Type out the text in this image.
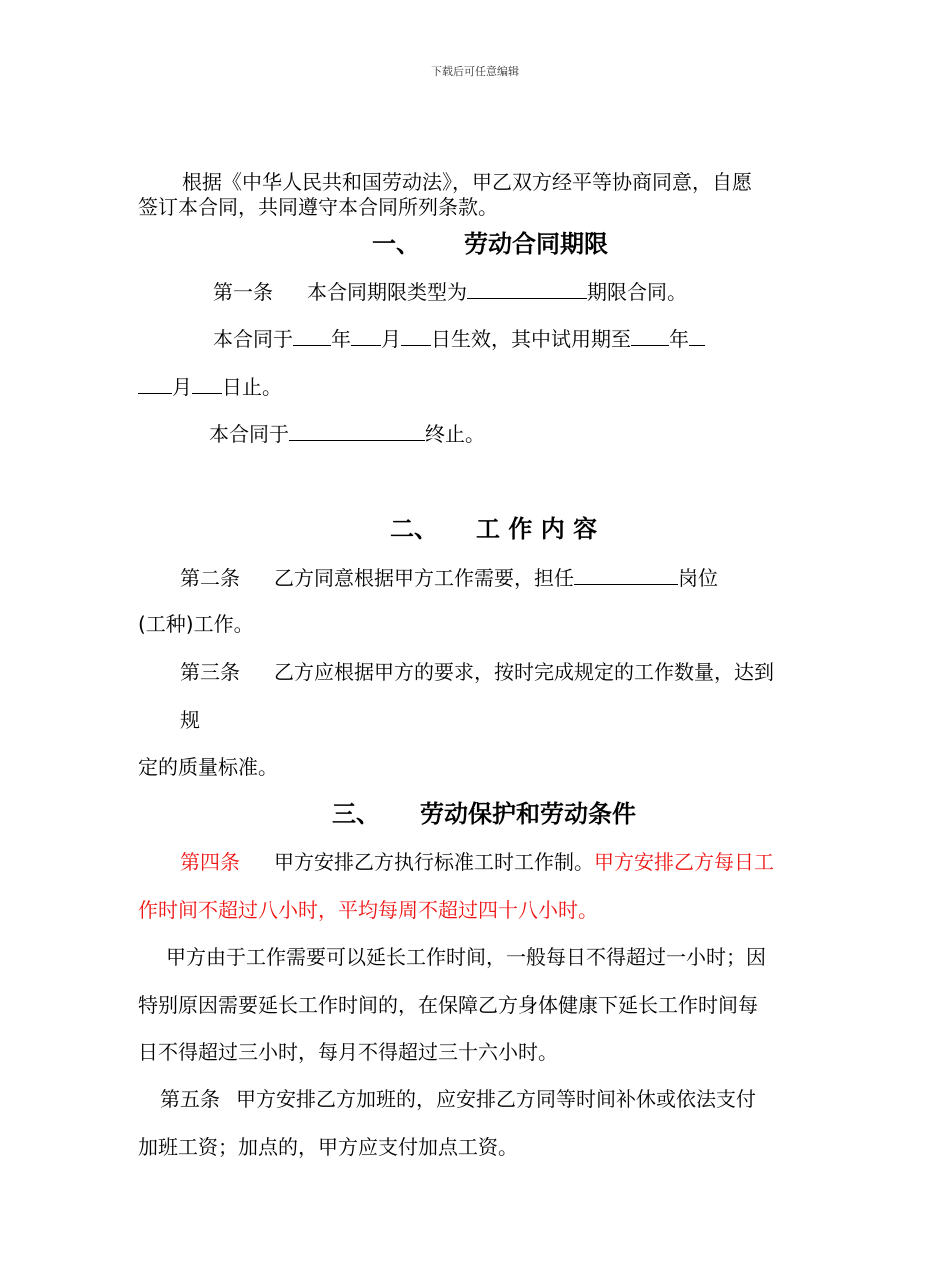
下载后可任意编辑

根据《中华人民共和国劳动法》，甲乙双方经平等协商同意，自愿

签订本合同，共同遵守本合同所列条款。

一、 劳动合同期限
第一条 本合同期限类型为	期限合同。
本合同于 年 月 日生效，其中试用期至 年
月 日止。
本合同于	终止。
二、 工 作 内 容
第二条 乙方同意根据甲方工作需要，担任	岗位

(工种)工作。

第三条 乙方应根据甲方的要求，按时完成规定的工作数量，达到

规

定的质量标准。

三、 劳动保护和劳动条件
第四条 甲方安排乙方执行标准工时工作制。甲方安排乙方每日工

作时间不超过八小时，平均每周不超过四十八小时。

甲方由于工作需要可以延长工作时间，一般每日不得超过一小时；因

特别原因需要延长工作时间的，在保障乙方身体健康下延长工作时间每

日不得超过三小时，每月不得超过三十六小时。

第五条 甲方安排乙方加班的，应安排乙方同等时间补休或依法支付

加班工资；加点的，甲方应支付加点工资。
